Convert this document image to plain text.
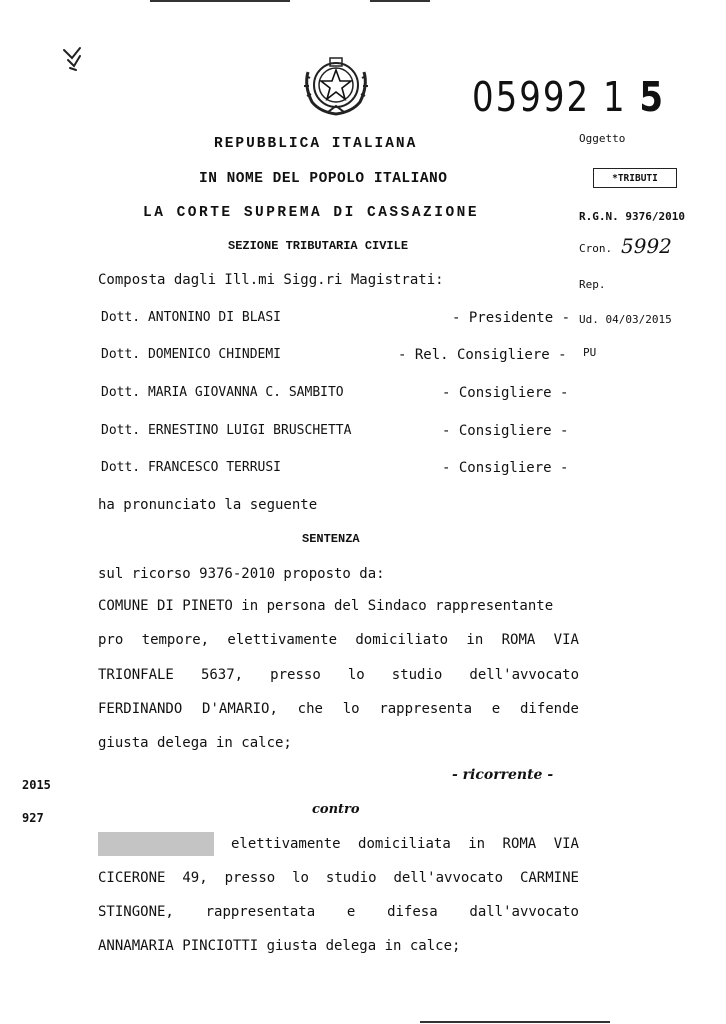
05992 1 5
REPUBBLICA ITALIANA
IN NOME DEL POPOLO ITALIANO
LA CORTE SUPREMA DI CASSAZIONE
SEZIONE TRIBUTARIA CIVILE
Oggetto
*TRIBUTI
R.G.N. 9376/2010
Cron. 5992
Rep.
Ud. 04/03/2015
PU
2015
927
Composta dagli Ill.mi Sigg.ri Magistrati:
Dott. ANTONINO DI BLASI	- Presidente -
Dott. DOMENICO CHINDEMI	- Rel. Consigliere -
Dott. MARIA GIOVANNA C. SAMBITO	- Consigliere -
Dott. ERNESTINO LUIGI BRUSCHETTA	- Consigliere -
Dott. FRANCESCO TERRUSI	- Consigliere -
ha pronunciato la seguente
SENTENZA
sul ricorso 9376-2010 proposto da:
COMUNE DI PINETO in persona del Sindaco rappresentante
pro tempore, elettivamente domiciliato in ROMA VIA
TRIONFALE 5637, presso lo studio dell'avvocato
FERDINANDO D'AMARIO, che lo rappresenta e difende
giusta delega in calce;
- ricorrente -
contro
elettivamente domiciliata in ROMA VIA
CICERONE 49, presso lo studio dell'avvocato CARMINE
STINGONE, rappresentata e difesa dall'avvocato
ANNAMARIA PINCIOTTI giusta delega in calce;
